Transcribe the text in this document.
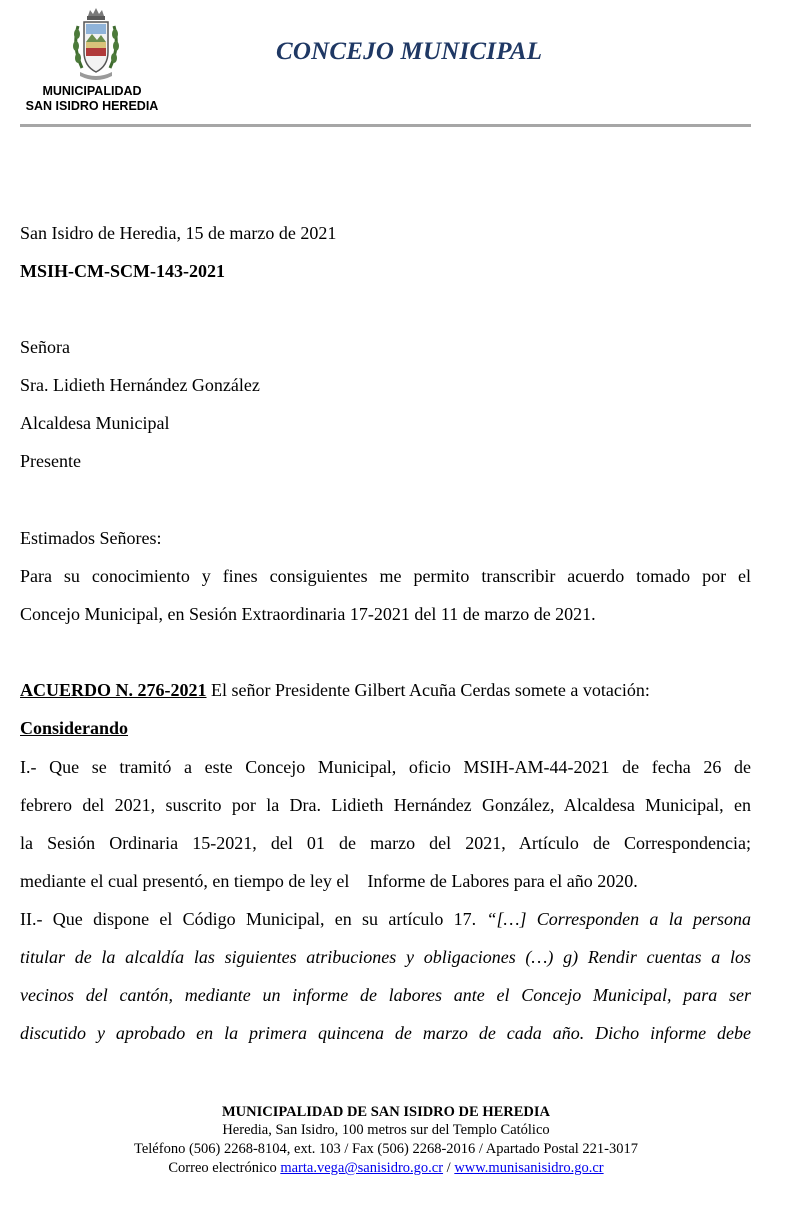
MUNICIPALIDAD
SAN ISIDRO HEREDIA
CONCEJO MUNICIPAL
San Isidro de Heredia, 15 de marzo de 2021
MSIH-CM-SCM-143-2021
Señora
Sra. Lidieth Hernández González
Alcaldesa Municipal
Presente
Estimados Señores:
Para su conocimiento y fines consiguientes me permito transcribir acuerdo tomado por el
Concejo Municipal, en Sesión Extraordinaria 17-2021 del 11 de marzo de 2021.
ACUERDO N. 276-2021 El señor Presidente Gilbert Acuña Cerdas somete a votación:
Considerando
I.- Que se tramitó a este Concejo Municipal, oficio MSIH-AM-44-2021 de fecha 26 de
febrero del 2021, suscrito por la Dra. Lidieth Hernández González, Alcaldesa Municipal, en
la Sesión Ordinaria 15-2021, del 01 de marzo del 2021, Artículo de Correspondencia;
mediante el cual presentó, en tiempo de ley el    Informe de Labores para el año 2020.
II.- Que dispone el Código Municipal, en su artículo 17. “[…] Corresponden a la persona
titular de la alcaldía las siguientes atribuciones y obligaciones (…) g) Rendir cuentas a los
vecinos del cantón, mediante un informe de labores ante el Concejo Municipal, para ser
discutido y aprobado en la primera quincena de marzo de cada año. Dicho informe debe
MUNICIPALIDAD DE SAN ISIDRO DE HEREDIA
Heredia, San Isidro, 100 metros sur del Templo Católico
Teléfono (506) 2268-8104, ext. 103 / Fax (506) 2268-2016 / Apartado Postal 221-3017
Correo electrónico marta.vega@sanisidro.go.cr / www.munisanisidro.go.cr
